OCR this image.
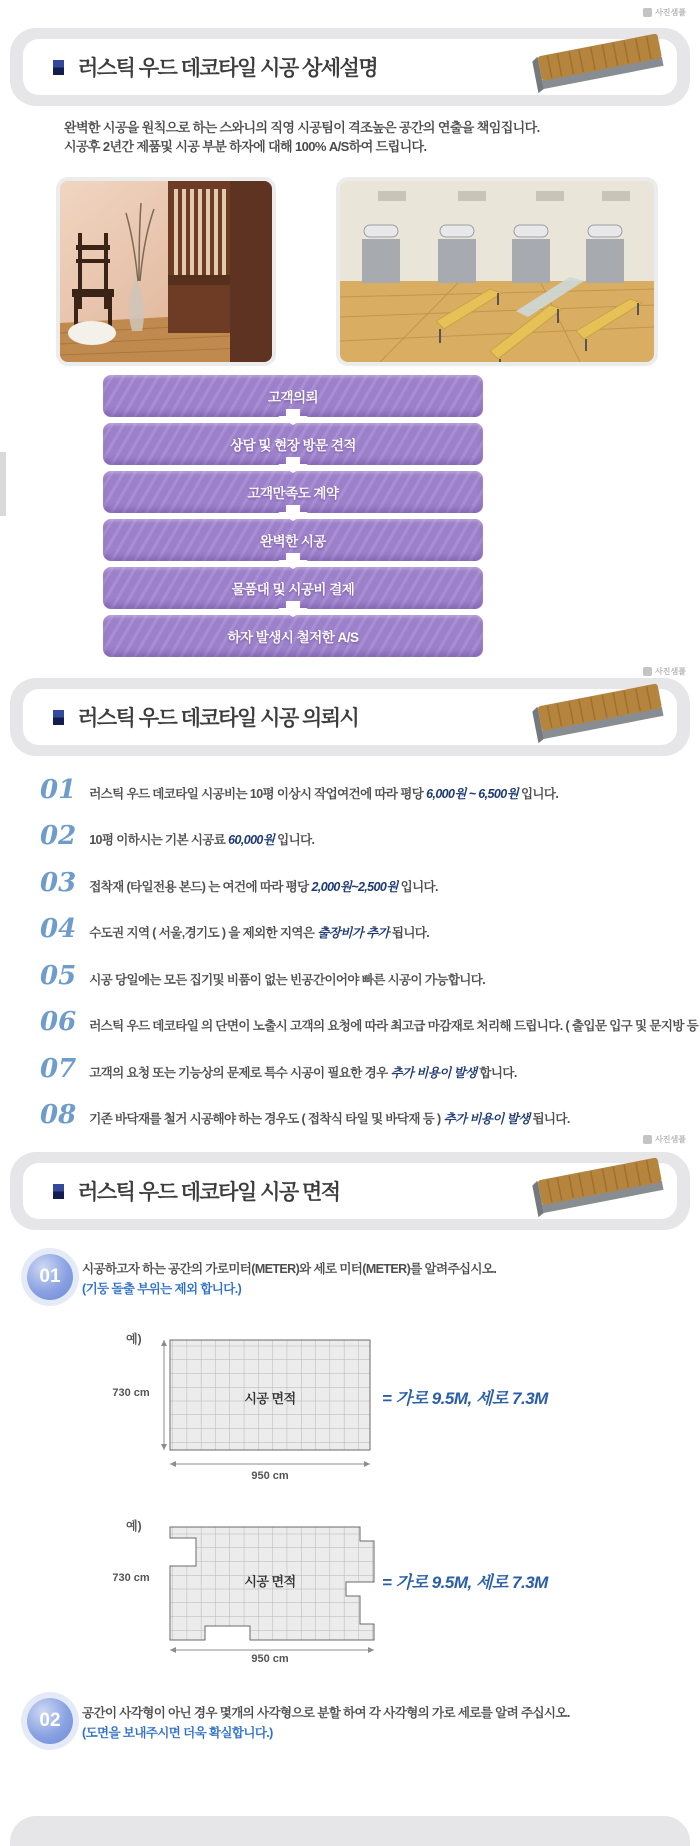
사진샘플
사진샘플
사진샘플
러스틱 우드 데코타일 시공 상세설명
완벽한 시공을 원칙으로 하는 스와니의 직영 시공팀이 격조높은 공간의 연출을 책임집니다.
시공후 2년간 제품및 시공 부분 하자에 대해 100% A/S하여 드립니다.
고객의뢰
상담 및 현장 방문 견적
고객만족도 계약
완벽한 시공
물품대 및 시공비 결제
하자 발생시 철저한 A/S
러스틱 우드 데코타일 시공 의뢰시
01 러스틱 우드 데코타일 시공비는 10평 이상시 작업여건에 따라 평당 6,000원 ~ 6,500원 입니다.
02 10평 이하시는 기본 시공료 60,000원 입니다.
03 접착재 (타일전용 본드) 는 여건에 따라 평당 2,000원~2,500원 입니다.
04 수도권 지역 ( 서울,경기도 ) 을 제외한 지역은 출장비가 추가 됩니다.
05 시공 당일에는 모든 집기및 비품이 없는 빈공간이어야 빠른 시공이 가능합니다.
06 러스틱 우드 데코타일 의 단면이 노출시 고객의 요청에 따라 최고급 마감재로 처리해 드립니다. ( 출입문 입구 및 문지방 등
07 고객의 요청 또는 기능상의 문제로 특수 시공이 필요한 경우 추가 비용이 발생 합니다.
08 기존 바닥재를 철거 시공해야 하는 경우도 ( 접착식 타일 및 바닥재 등 ) 추가 비용이 발생 됩니다.
러스틱 우드 데코타일 시공 면적
01 시공하고자 하는 공간의 가로미터(METER)와 세로 미터(METER)를 알려주십시오.
(기둥 돌출 부위는 제외 합니다.)
예)
730 cm	시공 면적
950 cm
= 가로 9.5M, 세로 7.3M
예)
730 cm	시공 면적
950 cm
= 가로 9.5M, 세로 7.3M
02 공간이 사각형이 아닌 경우 몇개의 사각형으로 분할 하여 각 사각형의 가로 세로를 알려 주십시오.
(도면을 보내주시면 더욱 확실합니다.)
